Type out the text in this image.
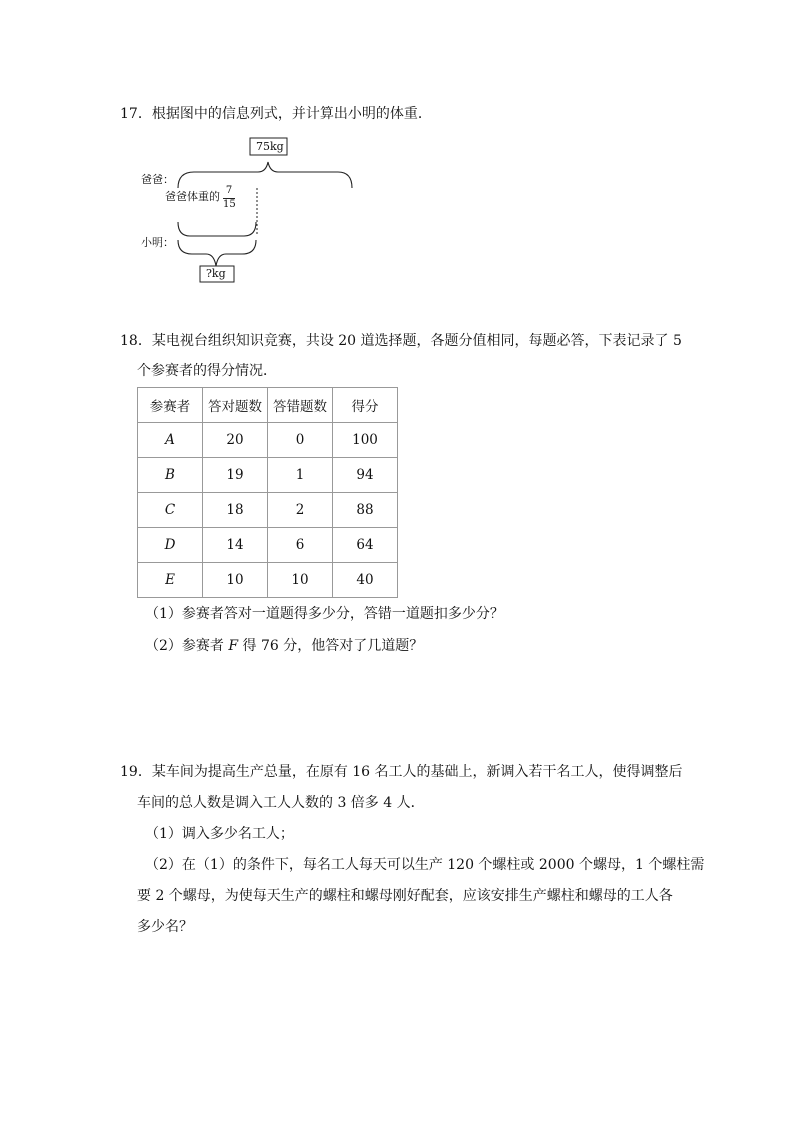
17．根据图中的信息列式，并计算出小明的体重．
75kg
爸爸：
爸爸体重的 7
15
小明：
?kg
18．某电视台组织知识竞赛，共设 20 道选择题，各题分值相同，每题必答，下表记录了 5
个参赛者的得分情况．
参赛者	答对题数	答错题数	得分
A	20	0	100
B	19	1	94
C	18	2	88
D	14	6	64
E	10	10	40
（1）参赛者答对一道题得多少分，答错一道题扣多少分？
（2）参赛者 F 得 76 分，他答对了几道题？
19．某车间为提高生产总量，在原有 16 名工人的基础上，新调入若干名工人，使得调整后
车间的总人数是调入工人人数的 3 倍多 4 人．
（1）调入多少名工人；
（2）在（1）的条件下，每名工人每天可以生产 120 个螺柱或 2000 个螺母，1 个螺柱需
要 2 个螺母，为使每天生产的螺柱和螺母刚好配套，应该安排生产螺柱和螺母的工人各
多少名？
